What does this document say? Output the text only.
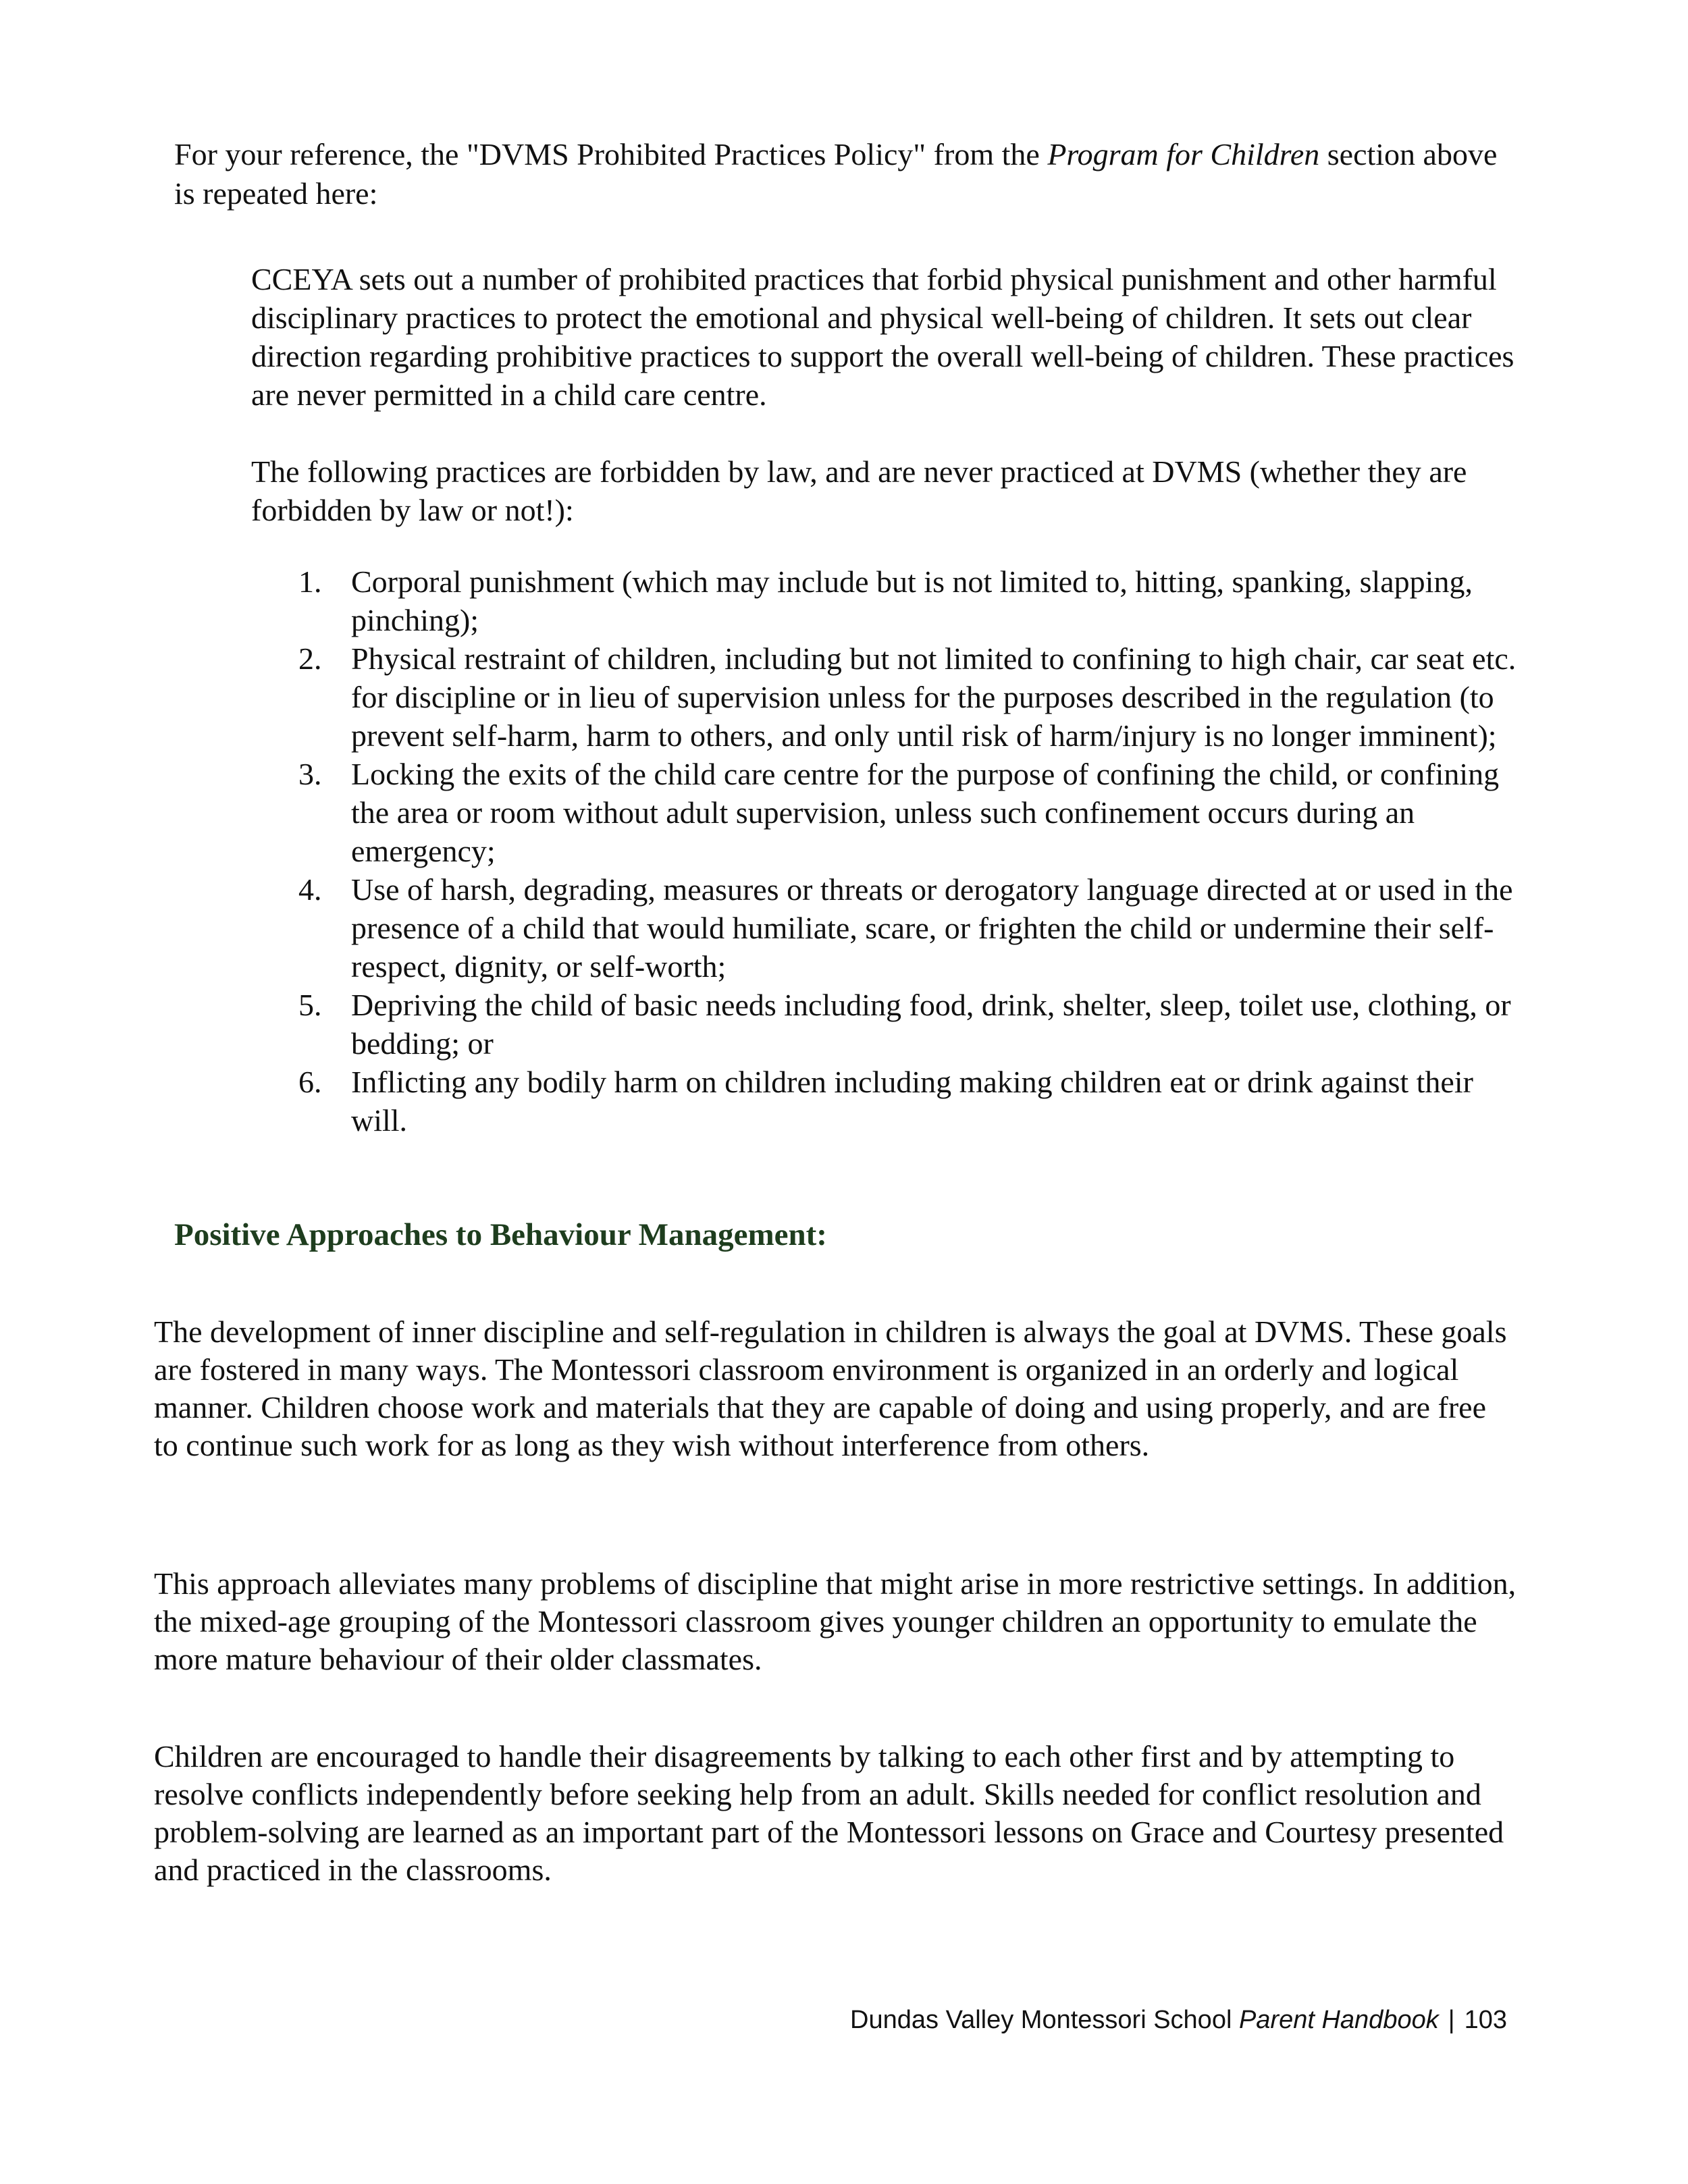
For your reference, the "DVMS Prohibited Practices Policy" from the Program for Children section above is repeated here:

CCEYA sets out a number of prohibited practices that forbid physical punishment and other harmful disciplinary practices to protect the emotional and physical well-being of children. It sets out clear direction regarding prohibitive practices to support the overall well-being of children. These practices are never permitted in a child care centre.

The following practices are forbidden by law, and are never practiced at DVMS (whether they are forbidden by law or not!):

1. Corporal punishment (which may include but is not limited to, hitting, spanking, slapping, pinching);
2. Physical restraint of children, including but not limited to confining to high chair, car seat etc. for discipline or in lieu of supervision unless for the purposes described in the regulation (to prevent self-harm, harm to others, and only until risk of harm/injury is no longer imminent);
3. Locking the exits of the child care centre for the purpose of confining the child, or confining the area or room without adult supervision, unless such confinement occurs during an emergency;
4. Use of harsh, degrading, measures or threats or derogatory language directed at or used in the presence of a child that would humiliate, scare, or frighten the child or undermine their self-respect, dignity, or self-worth;
5. Depriving the child of basic needs including food, drink, shelter, sleep, toilet use, clothing, or bedding; or
6. Inflicting any bodily harm on children including making children eat or drink against their will.
Positive Approaches to Behaviour Management:

The development of inner discipline and self-regulation in children is always the goal at DVMS. These goals are fostered in many ways. The Montessori classroom environment is organized in an orderly and logical manner. Children choose work and materials that they are capable of doing and using properly, and are free to continue such work for as long as they wish without interference from others.

This approach alleviates many problems of discipline that might arise in more restrictive settings. In addition, the mixed-age grouping of the Montessori classroom gives younger children an opportunity to emulate the more mature behaviour of their older classmates.

Children are encouraged to handle their disagreements by talking to each other first and by attempting to resolve conflicts independently before seeking help from an adult. Skills needed for conflict resolution and problem-solving are learned as an important part of the Montessori lessons on Grace and Courtesy presented and practiced in the classrooms.

Dundas Valley Montessori School Parent Handbook | 103
